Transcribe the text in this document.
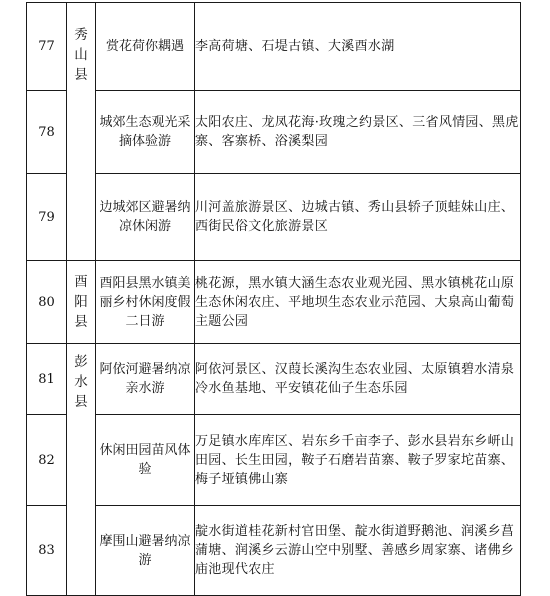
77	秀山县	赏花荷你耦遇	李高荷塘、石堤古镇、大溪酉水湖

78		城郊生态观光采摘体验游	太阳农庄、龙凤花海·玫瑰之约景区、三省风情园、黑虎寨、客寨桥、浴溪梨园

79		边城郊区避暑纳凉休闲游	川河盖旅游景区、边城古镇、秀山县轿子顶蛙妹山庄、西街民俗文化旅游景区

80	酉阳县	酉阳县黑水镇美丽乡村休闲度假二日游	桃花源，黑水镇大涵生态农业观光园、黑水镇桃花山原生态休闲农庄、平地坝生态农业示范园、大泉高山葡萄主题公园

81	彭水县	阿依河避暑纳凉亲水游	阿依河景区、汉葭长溪沟生态农业园、太原镇碧水清泉冷水鱼基地、平安镇花仙子生态乐园

82		休闲田园苗风体验	万足镇水库库区、岩东乡千亩李子、彭水县岩东乡岍山田园、长生田园，鞍子石磨岩苗寨、鞍子罗家坨苗寨、梅子垭镇佛山寨

83		摩围山避暑纳凉游	靛水街道桂花新村官田堡、靛水街道野鹅池、润溪乡菖蒲塘、润溪乡云游山空中别墅、善感乡周家寨、诸佛乡庙池现代农庄
